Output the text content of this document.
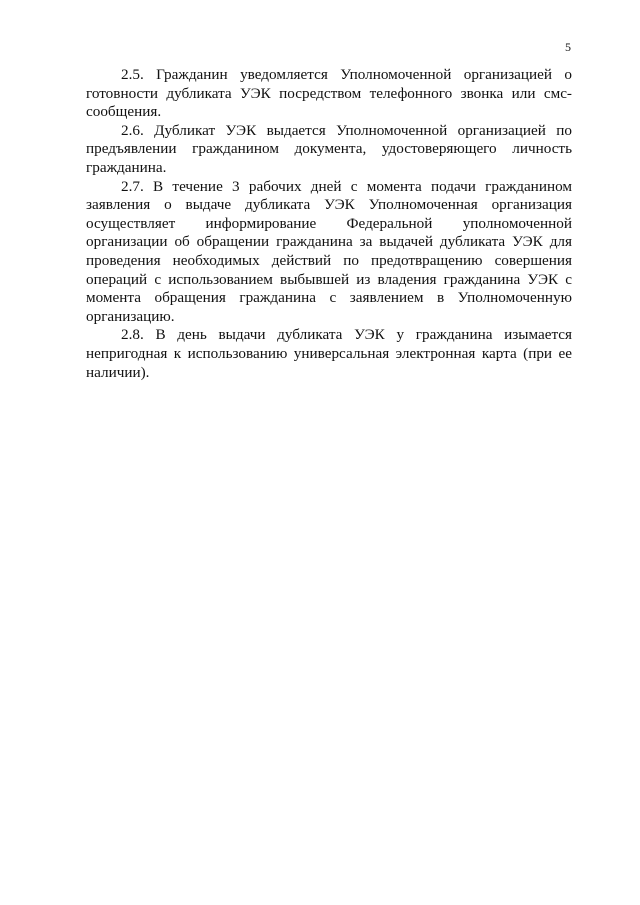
5

2.5. Гражданин уведомляется Уполномоченной организацией о готовности дубликата УЭК посредством телефонного звонка или смс-сообщения.

2.6. Дубликат УЭК выдается Уполномоченной организацией по предъявлении гражданином документа, удостоверяющего личность гражданина.

2.7. В течение 3 рабочих дней с момента подачи гражданином заявления о выдаче дубликата УЭК Уполномоченная организация осуществляет информирование Федеральной уполномоченной организации об обращении гражданина за выдачей дубликата УЭК для проведения необходимых действий по предотвращению совершения операций с использованием выбывшей из владения гражданина УЭК с момента обращения гражданина с заявлением в Уполномоченную организацию.

2.8. В день выдачи дубликата УЭК у гражданина изымается непригодная к использованию универсальная электронная карта (при ее наличии).
